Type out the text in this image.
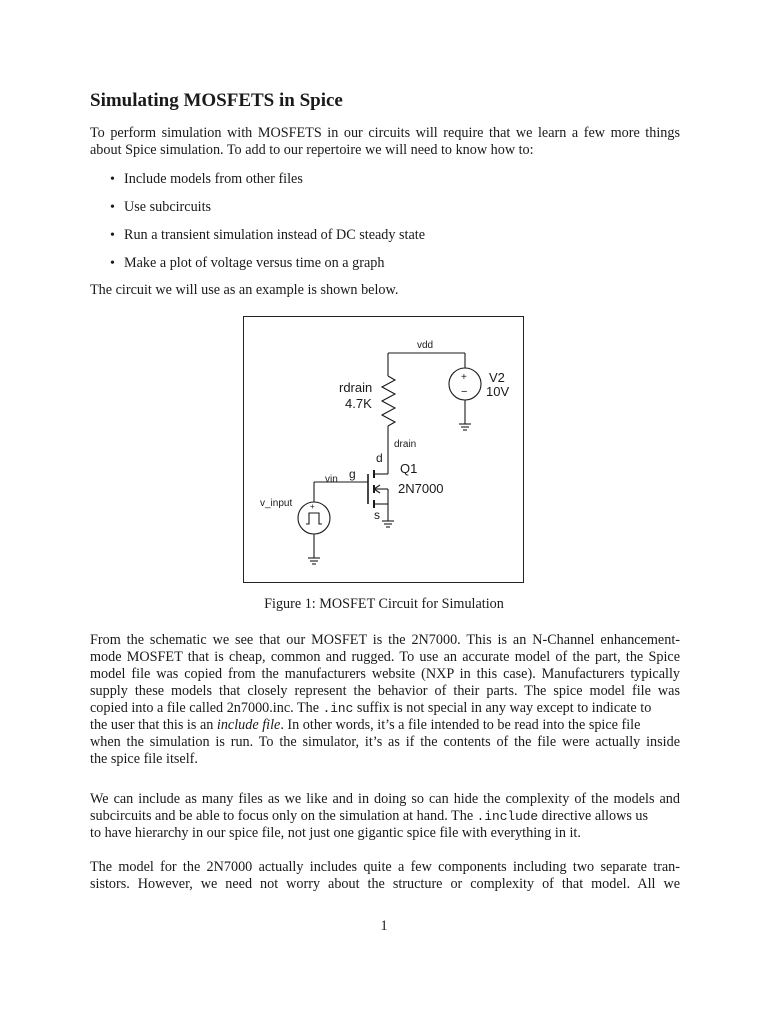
Simulating MOSFETS in Spice
To perform simulation with MOSFETS in our circuits will require that we learn a few more things
about Spice simulation. To add to our repertoire we will need to know how to:
• Include models from other files
• Use subcircuits
• Run a transient simulation instead of DC steady state
• Make a plot of voltage versus time on a graph
The circuit we will use as an example is shown below.
From the schematic we see that our MOSFET is the 2N7000. This is an N-Channel enhancement-
mode MOSFET that is cheap, common and rugged. To use an accurate model of the part, the Spice
model file was copied from the manufacturers website (NXP in this case). Manufacturers typically
supply these models that closely represent the behavior of their parts. The spice model file was
copied into a file called 2n7000.inc. The .inc suffix is not special in any way except to indicate to
the user that this is an include file. In other words, it’s a file intended to be read into the spice file
when the simulation is run. To the simulator, it’s as if the contents of the file were actually inside
the spice file itself.
We can include as many files as we like and in doing so can hide the complexity of the models and
subcircuits and be able to focus only on the simulation at hand. The .include directive allows us
to have hierarchy in our spice file, not just one gigantic spice file with everything in it.
The model for the 2N7000 actually includes quite a few components including two separate tran-
sistors. However, we need not worry about the structure or complexity of that model. All we
vdd
rdrain
4.7K
+
−
V2
10V
drain
d
g
s
Q1
2N7000
vin
v_input +

Figure 1: MOSFET Circuit for Simulation

1
